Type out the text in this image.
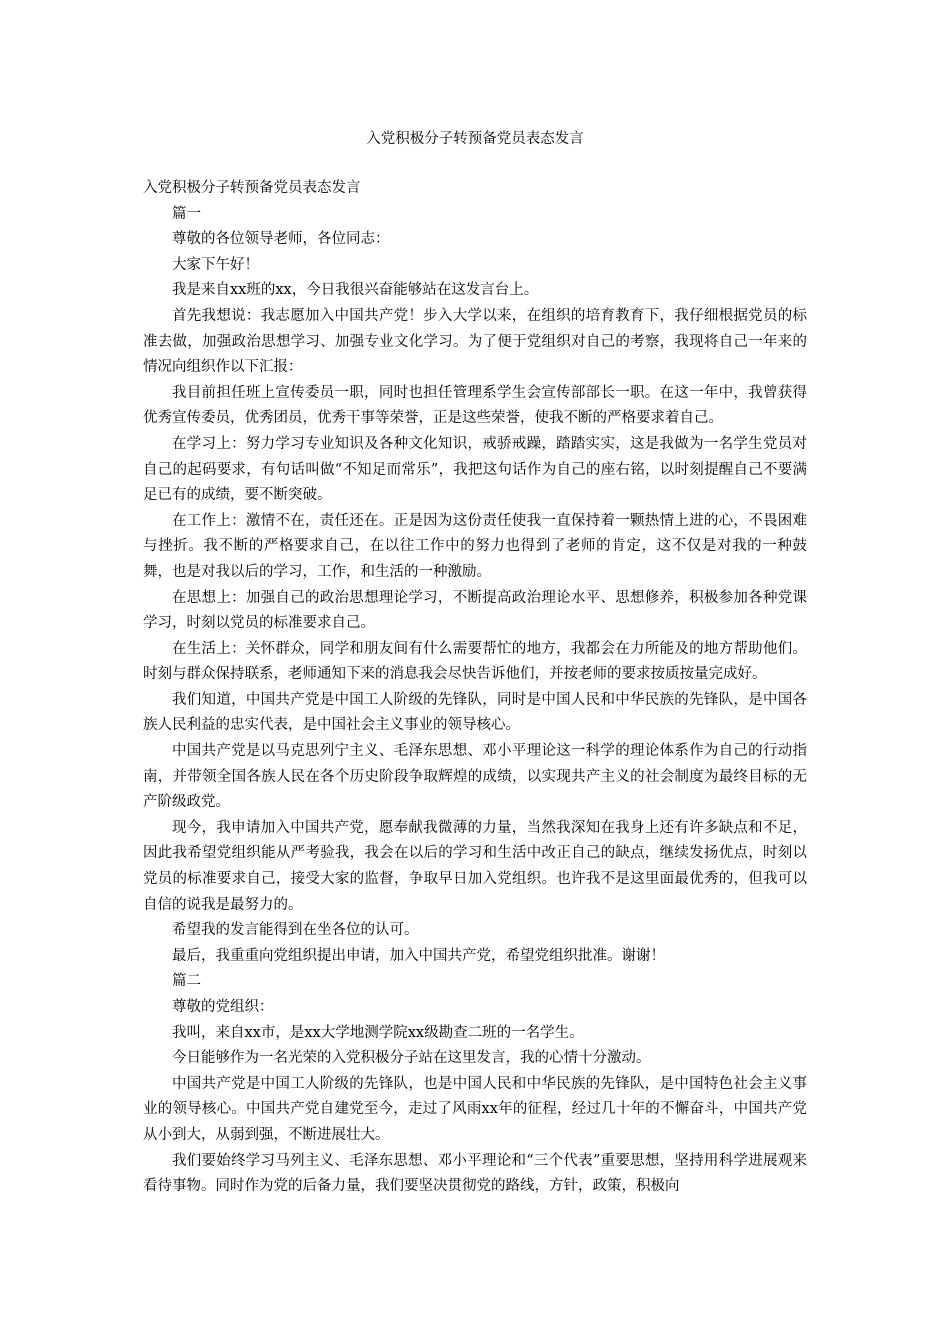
入党积极分子转预备党员表态发言

入党积极分子转预备党员表态发言

篇一

尊敬的各位领导老师，各位同志：

大家下午好！

我是来自xx班的xx，今日我很兴奋能够站在这发言台上。

首先我想说：我志愿加入中国共产党！步入大学以来，在组织的培育教育下，我仔细根据党员的标准去做，加强政治思想学习、加强专业文化学习。为了便于党组织对自己的考察，我现将自己一年来的情况向组织作以下汇报：

我目前担任班上宣传委员一职，同时也担任管理系学生会宣传部部长一职。在这一年中，我曾获得优秀宣传委员，优秀团员，优秀干事等荣誉，正是这些荣誉，使我不断的严格要求着自己。

在学习上：努力学习专业知识及各种文化知识，戒骄戒躁，踏踏实实，这是我做为一名学生党员对自己的起码要求，有句话叫做“不知足而常乐”，我把这句话作为自己的座右铭，以时刻提醒自己不要满足已有的成绩，要不断突破。

在工作上：激情不在，责任还在。正是因为这份责任使我一直保持着一颗热情上进的心，不畏困难与挫折。我不断的严格要求自己，在以往工作中的努力也得到了老师的肯定，这不仅是对我的一种鼓舞，也是对我以后的学习，工作，和生活的一种激励。

在思想上：加强自己的政治思想理论学习，不断提高政治理论水平、思想修养，积极参加各种党课学习，时刻以党员的标准要求自己。

在生活上：关怀群众，同学和朋友间有什么需要帮忙的地方，我都会在力所能及的地方帮助他们。时刻与群众保持联系，老师通知下来的消息我会尽快告诉他们，并按老师的要求按质按量完成好。

我们知道，中国共产党是中国工人阶级的先锋队，同时是中国人民和中华民族的先锋队，是中国各族人民利益的忠实代表，是中国社会主义事业的领导核心。

中国共产党是以马克思列宁主义、毛泽东思想、邓小平理论这一科学的理论体系作为自己的行动指南，并带领全国各族人民在各个历史阶段争取辉煌的成绩，以实现共产主义的社会制度为最终目标的无产阶级政党。

现今，我申请加入中国共产党，愿奉献我微薄的力量，当然我深知在我身上还有许多缺点和不足，因此我希望党组织能从严考验我，我会在以后的学习和生活中改正自己的缺点，继续发扬优点，时刻以党员的标准要求自己，接受大家的监督，争取早日加入党组织。也许我不是这里面最优秀的，但我可以自信的说我是最努力的。

希望我的发言能得到在坐各位的认可。

最后，我重重向党组织提出申请，加入中国共产党，希望党组织批准。谢谢！

篇二

尊敬的党组织：

我叫，来自xx市，是xx大学地测学院xx级勘查二班的一名学生。

今日能够作为一名光荣的入党积极分子站在这里发言，我的心情十分激动。

中国共产党是中国工人阶级的先锋队，也是中国人民和中华民族的先锋队，是中国特色社会主义事业的领导核心。中国共产党自建党至今，走过了风雨xx年的征程，经过几十年的不懈奋斗，中国共产党从小到大，从弱到强，不断进展壮大。

我们要始终学习马列主义、毛泽东思想、邓小平理论和“三个代表”重要思想，坚持用科学进展观来看待事物。同时作为党的后备力量，我们要坚决贯彻党的路线，方针，政策，积极向
